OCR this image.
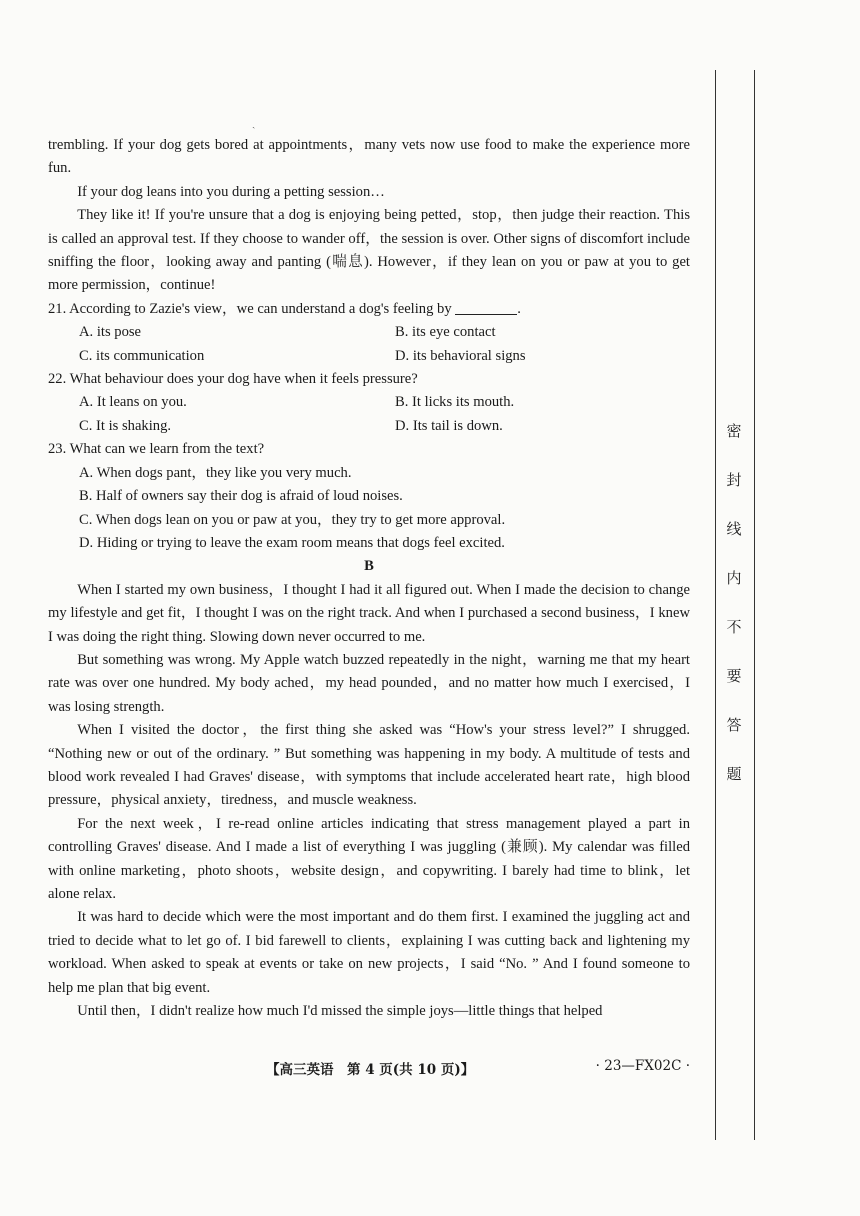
ˏ

trembling. If your dog gets bored at appointments，many vets now use food to make the experience more fun.

If your dog leans into you during a petting session…

They like it! If you're unsure that a dog is enjoying being petted，stop，then judge their reaction. This is called an approval test. If they choose to wander off，the session is over. Other signs of discomfort include sniffing the floor，looking away and panting (喘息). However，if they lean on you or paw at you to get more permission，continue!

21. According to Zazie's view，we can understand a dog's feeling by	.

A. its pose	B. its eye contact
C. its communication	D. its behavioral signs

22. What behaviour does your dog have when it feels pressure?

A. It leans on you.	B. It licks its mouth.
C. It is shaking.	D. Its tail is down.

23. What can we learn from the text?

A. When dogs pant，they like you very much.

B. Half of owners say their dog is afraid of loud noises.

C. When dogs lean on you or paw at you，they try to get more approval.

D. Hiding or trying to leave the exam room means that dogs feel excited.

B

When I started my own business，I thought I had it all figured out. When I made the decision to change my lifestyle and get fit，I thought I was on the right track. And when I purchased a second business，I knew I was doing the right thing. Slowing down never occurred to me.

But something was wrong. My Apple watch buzzed repeatedly in the night，warning me that my heart rate was over one hundred. My body ached，my head pounded，and no matter how much I exercised，I was losing strength.

When I visited the doctor，the first thing she asked was “How's your stress level?” I shrugged. “Nothing new or out of the ordinary. ” But something was happening in my body. A multitude of tests and blood work revealed I had Graves' disease，with symptoms that include accelerated heart rate，high blood pressure，physical anxiety，tiredness，and muscle weakness.

For the next week，I re-read online articles indicating that stress management played a part in controlling Graves' disease. And I made a list of everything I was juggling (兼顾). My calendar was filled with online marketing，photo shoots，website design，and copywriting. I barely had time to blink，let alone relax.

It was hard to decide which were the most important and do them first. I examined the juggling act and tried to decide what to let go of. I bid farewell to clients，explaining I was cutting back and lightening my workload. When asked to speak at events or take on new projects，I said “No. ” And I found someone to help me plan that big event.

Until then，I didn't realize how much I'd missed the simple joys—little things that helped

【高三英语　第 4 页(共 10 页)】	· 23—FX02C ·
密
封
线
内
不
要
答
题
